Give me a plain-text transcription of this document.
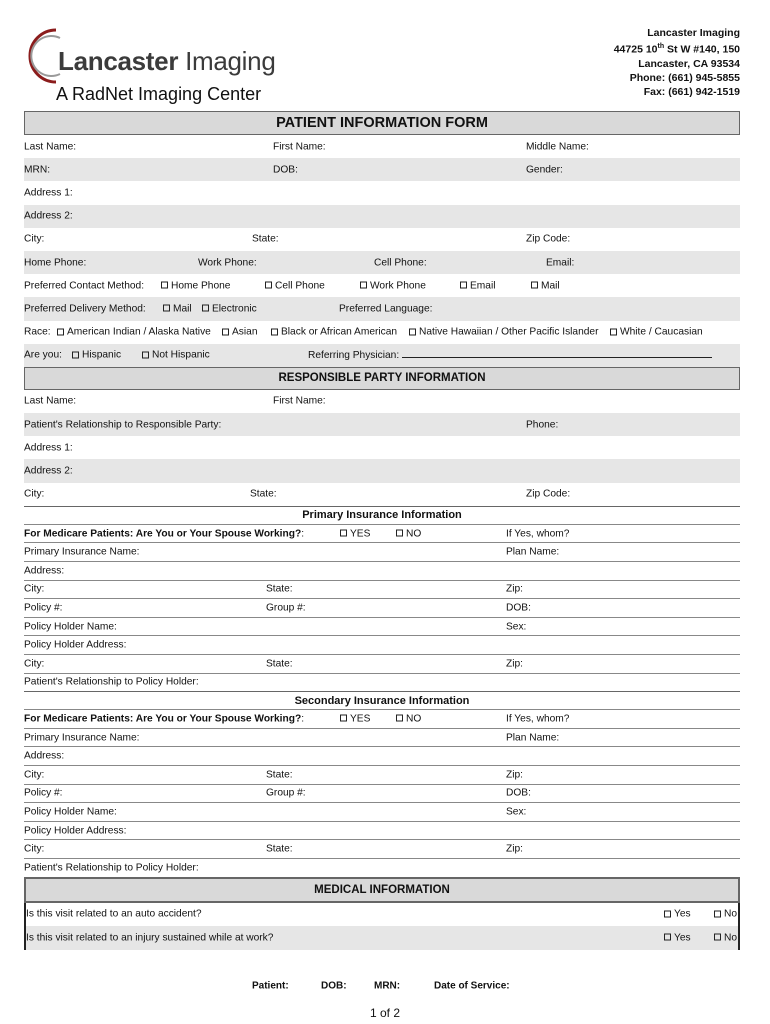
Lancaster Imaging
A RadNet Imaging Center
Lancaster Imaging
44725 10th St W #140, 150
Lancaster, CA 93534
Phone: (661) 945-5855
Fax: (661) 942-1519
PATIENT INFORMATION FORM
Last Name:	First Name:	Middle Name:
MRN:	DOB:	Gender:
Address 1:
Address 2:
City:	State:	Zip Code:
Home Phone:	Work Phone:	Cell Phone:	Email:
Preferred Contact Method:	Home Phone	Cell Phone	Work Phone	Email	Mail
Preferred Delivery Method:	Mail	Electronic	Preferred Language:
Race:	American Indian / Alaska Native	Asian	Black or African American	Native Hawaiian / Other Pacific Islander	White / Caucasian
Are you:	Hispanic	Not Hispanic	Referring Physician:
RESPONSIBLE PARTY INFORMATION
Last Name:	First Name:
Patient's Relationship to Responsible Party:	Phone:
Address 1:
Address 2:
City:	State:	Zip Code:
Primary Insurance Information
For Medicare Patients: Are You or Your Spouse Working?:	YES	NO	If Yes, whom?
Primary Insurance Name:	Plan Name:
Address:
City:	State:	Zip:
Policy #:	Group #:	DOB:
Policy Holder Name:	Sex:
Policy Holder Address:
City:	State:	Zip:
Patient's Relationship to Policy Holder:
Secondary Insurance Information
For Medicare Patients: Are You or Your Spouse Working?:	YES	NO	If Yes, whom?
Primary Insurance Name:	Plan Name:
Address:
City:	State:	Zip:
Policy #:	Group #:	DOB:
Policy Holder Name:	Sex:
Policy Holder Address:
City:	State:	Zip:
Patient's Relationship to Policy Holder:
MEDICAL INFORMATION
Is this visit related to an auto accident?	Yes	No
Is this visit related to an injury sustained while at work?	Yes	No
Patient:	DOB:	MRN:	Date of Service:
1 of 2
